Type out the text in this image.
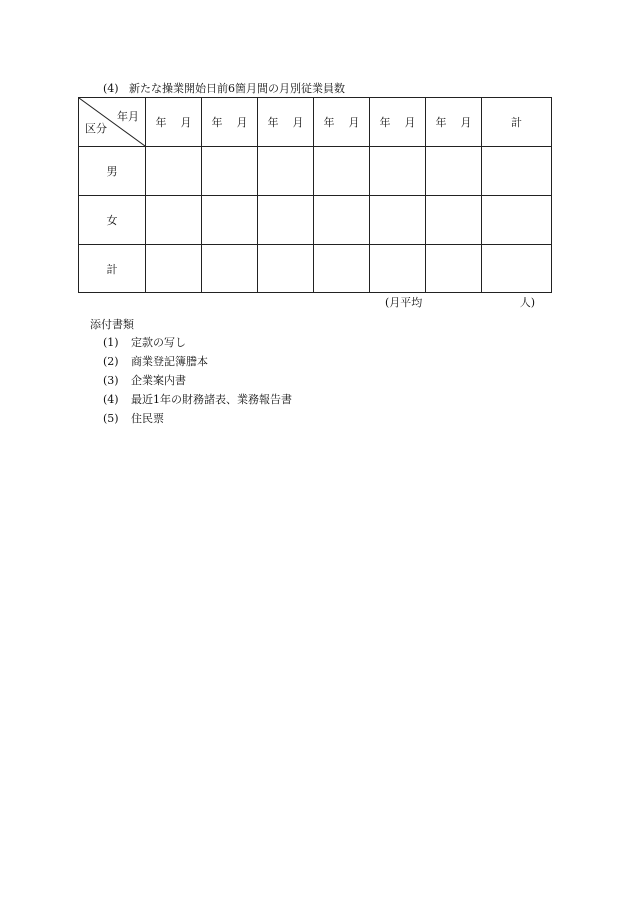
(4) 新たな操業開始日前6箇月間の月別従業員数
年月
区分	年 月	年 月	年 月	年 月	年 月	年 月	計
男							
女							
計							
(月平均	人)
添付書類
(1) 定款の写し
(2) 商業登記簿謄本
(3) 企業案内書
(4) 最近1年の財務諸表、業務報告書
(5) 住民票
